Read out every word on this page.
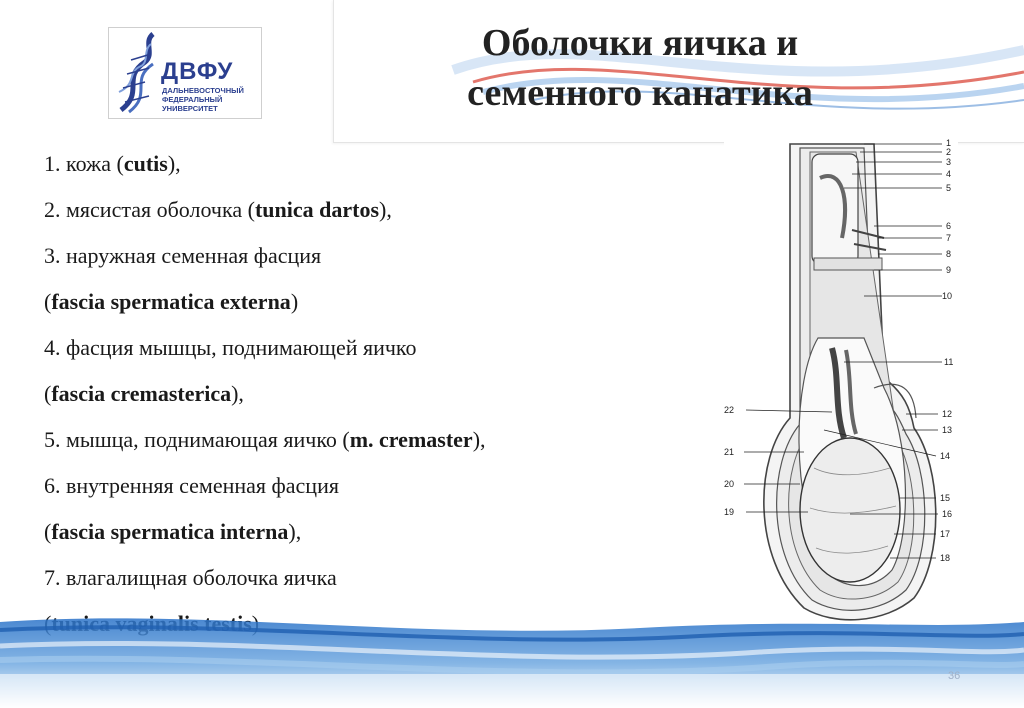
Оболочки яичка и
семенного канатика
ДВФУ
ДАЛЬНЕВОСТОЧНЫЙ
ФЕДЕРАЛЬНЫЙ
УНИВЕРСИТЕТ
1. кожа (cutis),
2. мясистая оболочка (tunica dartos),
3. наружная семенная фасция
(fascia spermatica externa)
4. фасция мышцы, поднимающей яичко
(fascia cremasterica),
5. мышца, поднимающая яичко (m. cremaster),
6. внутренняя семенная фасция
(fascia spermatica interna),
7. влагалищная оболочка яичка
1
2
3
4
5
6
7
8
9
10
11
12
13
14
15
16
17
18
22
21
20
19
36
